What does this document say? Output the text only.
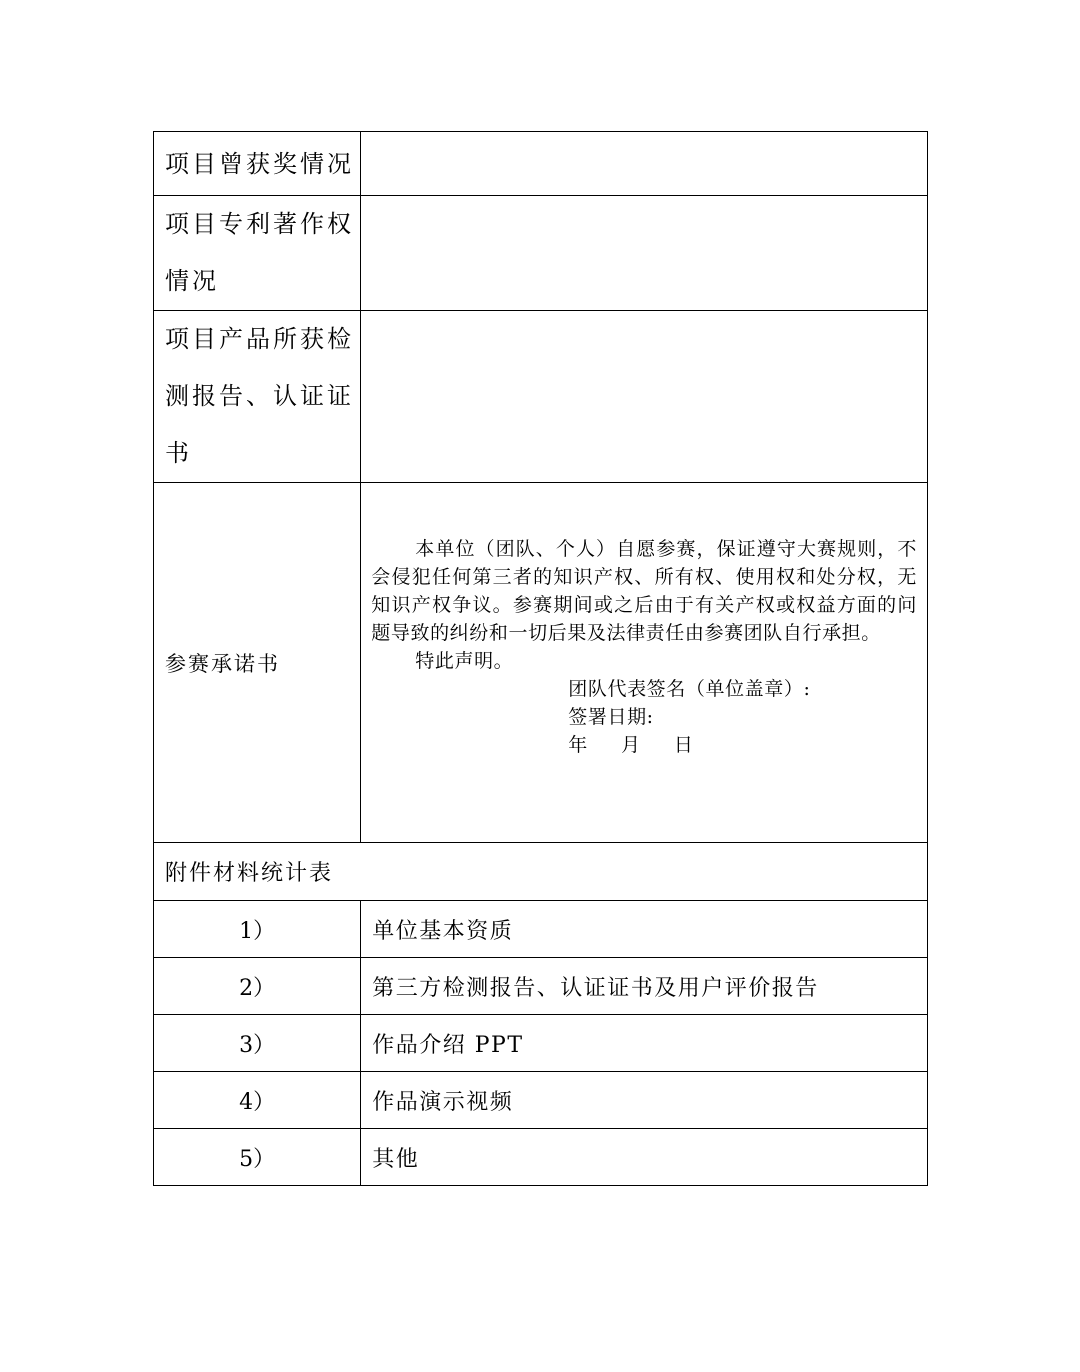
项目曾获奖情况	

项目专利著作权
情况	

项目产品所获检
测报告、认证证
书	

参赛承诺书	本单位（团队、个人）自愿参赛，保证遵守大赛规则，不会侵犯任何第三者的知识产权、所有权、使用权和处分权，无知识产权争议。参赛期间或之后由于有关产权或权益方面的问题导致的纠纷和一切后果及法律责任由参赛团队自行承担。

特此声明。

团队代表签名（单位盖章）:

签署日期:

年     月     日

附件材料统计表	
1）	单位基本资质
2）	第三方检测报告、认证证书及用户评价报告
3）	作品介绍 PPT
4）	作品演示视频
5）	其他
